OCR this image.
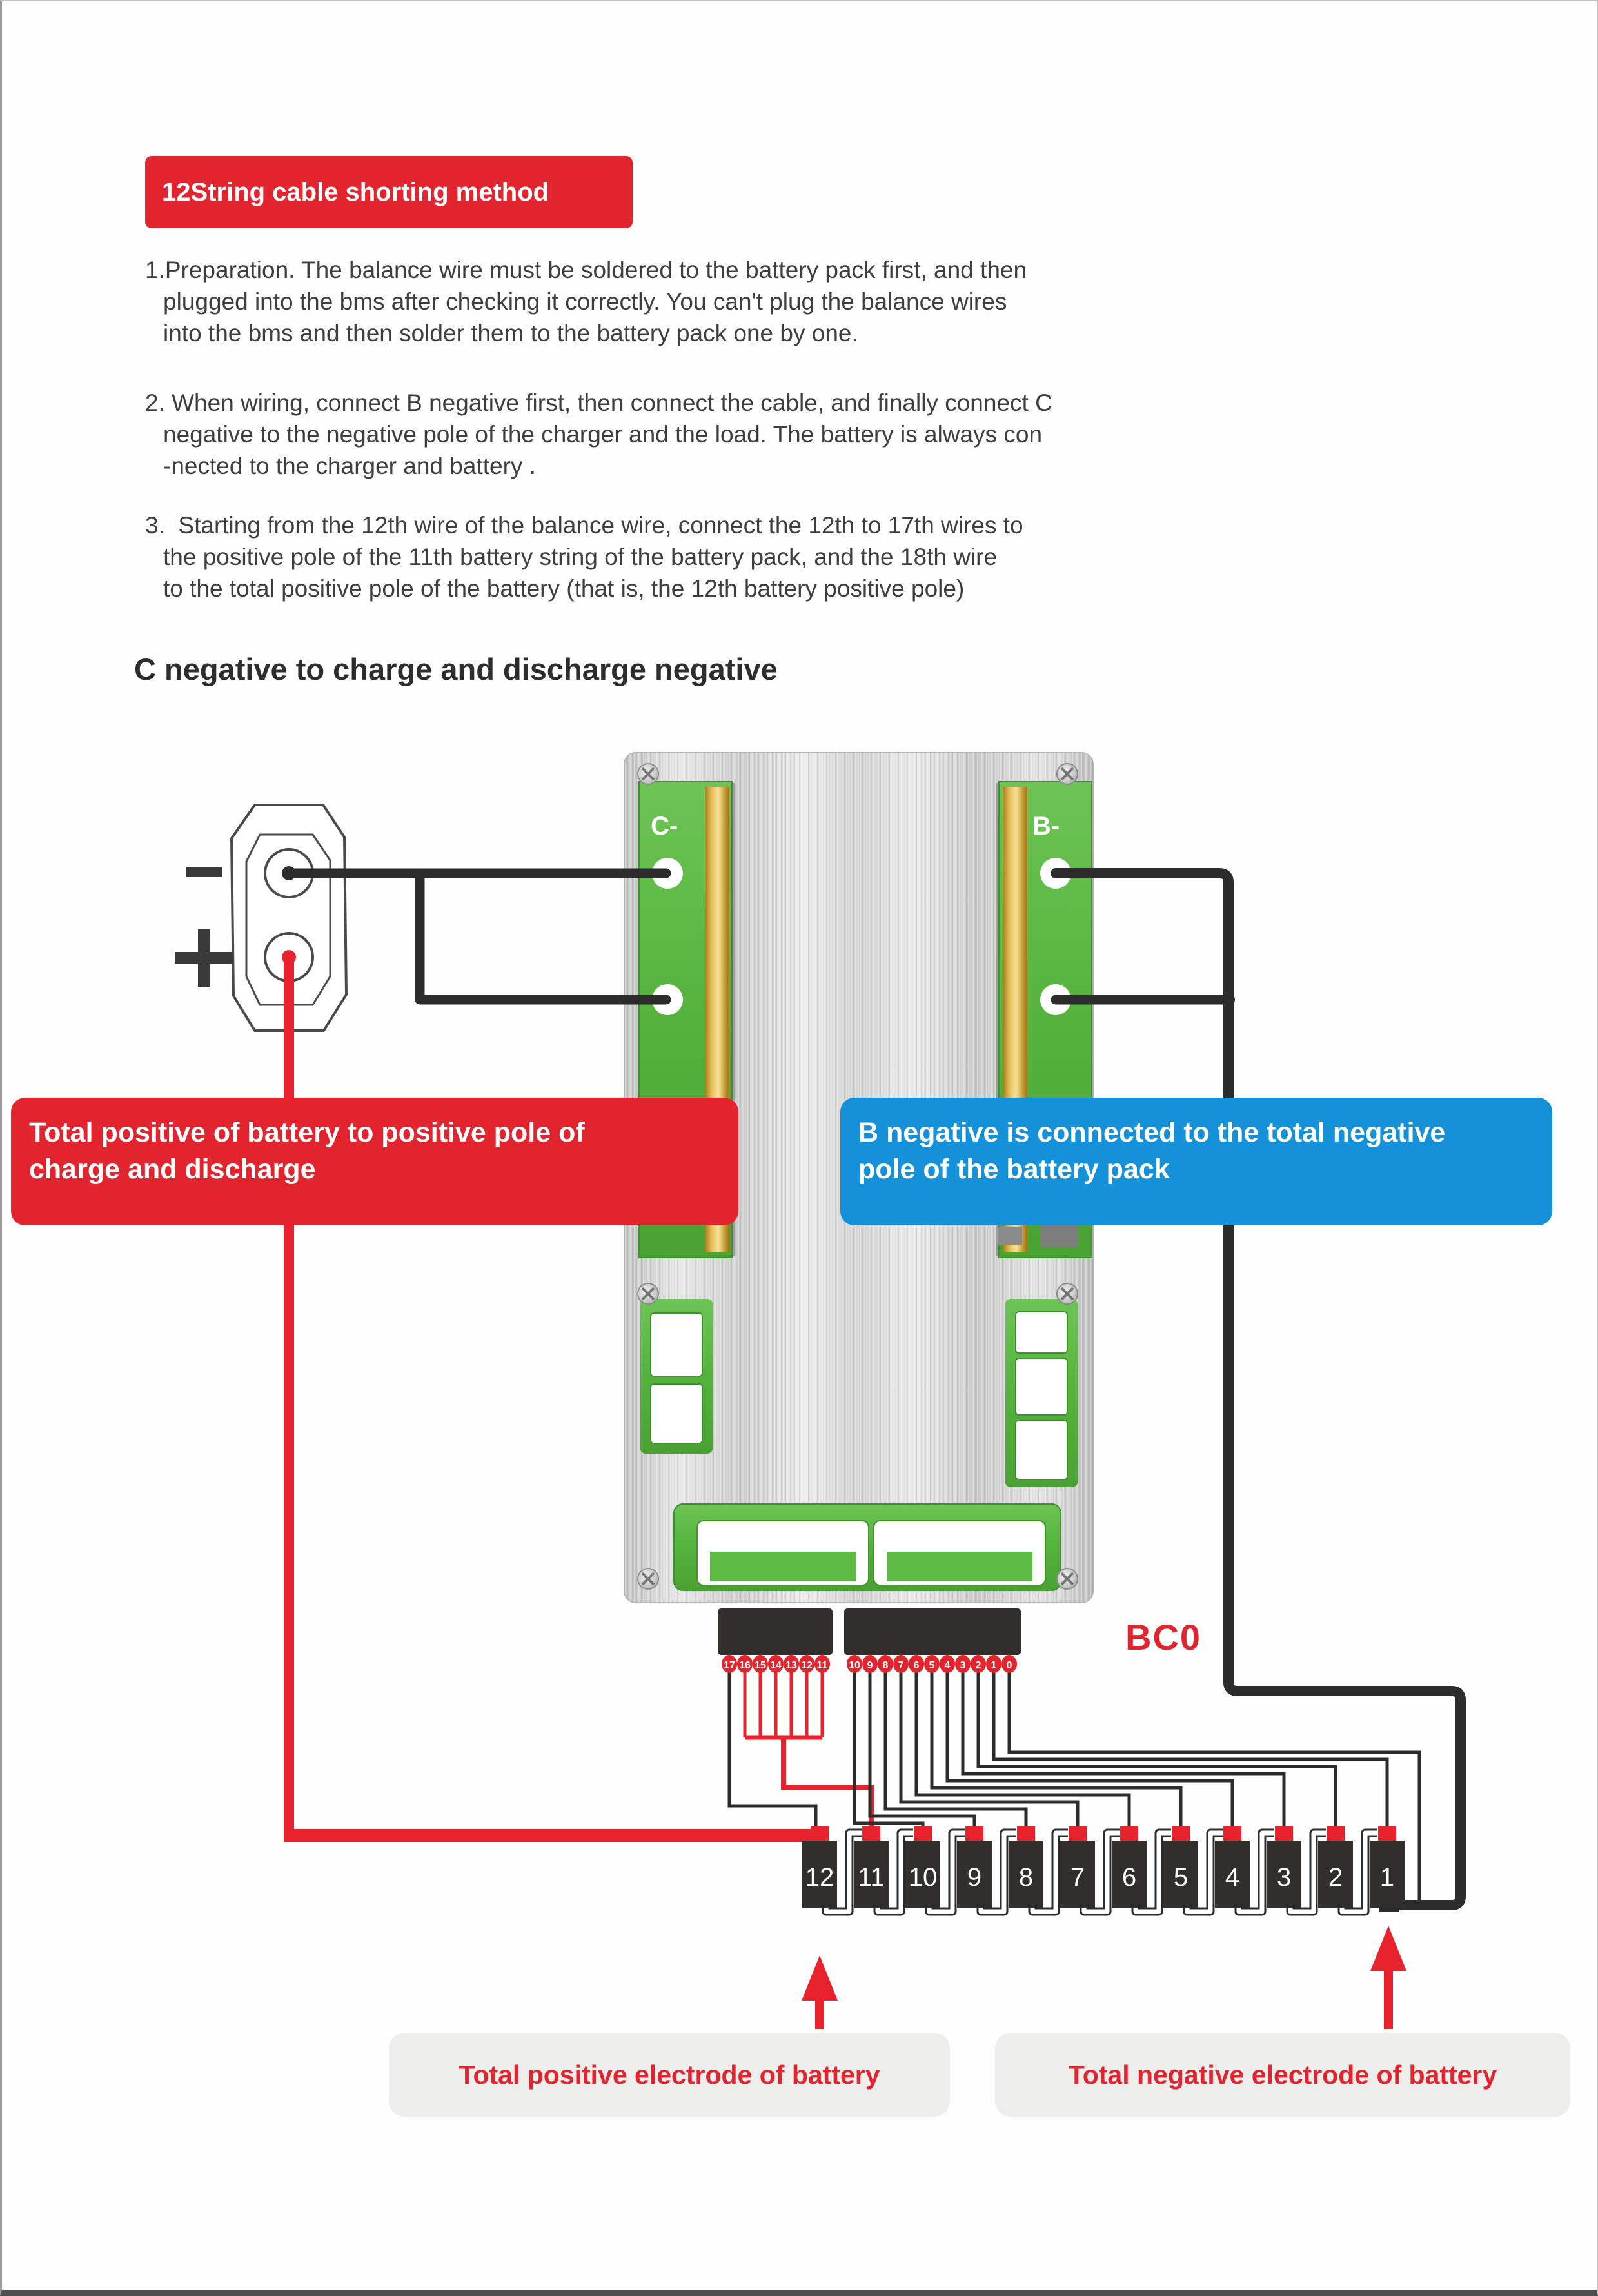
12String cable shorting method
1.Preparation. The balance wire must be soldered to the battery pack first, and then
plugged into the bms after checking it correctly. You can't plug the balance wires
into the bms and then solder them to the battery pack one by one.
2. When wiring, connect B negative first, then connect the cable, and finally connect C
negative to the negative pole of the charger and the load. The battery is always con
-nected to the charger and battery .
3.  Starting from the 12th wire of the balance wire, connect the 12th to 17th wires to
the positive pole of the 11th battery string of the battery pack, and the 18th wire
to the total positive pole of the battery (that is, the 12th battery positive pole)
C negative to charge and discharge negative
C-	B-
12 11 10 9 8 7 6 5 4 3 2 1
BC0
17 16 15 14 13 12 11 10 9 8 7 6 5 4 3 2 1 0
Total positive of battery to positive pole of
charge and discharge
B negative is connected to the total negative
pole of the battery pack
Total positive electrode of battery	Total negative electrode of battery
